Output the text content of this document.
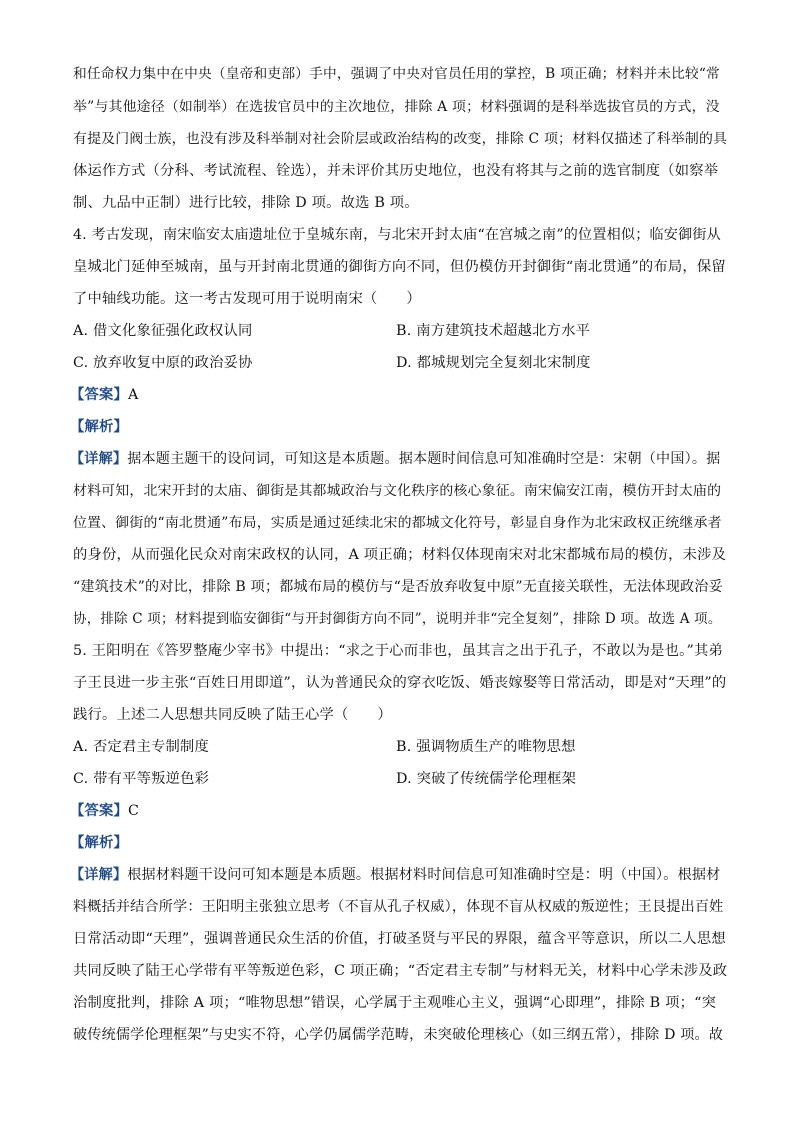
和任命权力集中在中央（皇帝和吏部）手中，强调了中央对官员任用的掌控，B 项正确；材料并未比较“常
举”与其他途径（如制举）在选拔官员中的主次地位，排除 A 项；材料强调的是科举选拔官员的方式，没
有提及门阀士族，也没有涉及科举制对社会阶层或政治结构的改变，排除 C 项；材料仅描述了科举制的具
体运作方式（分科、考试流程、铨选），并未评价其历史地位，也没有将其与之前的选官制度（如察举
制、九品中正制）进行比较，排除 D 项。故选 B 项。
4. 考古发现，南宋临安太庙遗址位于皇城东南，与北宋开封太庙“在宫城之南”的位置相似；临安御街从
皇城北门延伸至城南，虽与开封南北贯通的御街方向不同，但仍模仿开封御街“南北贯通”的布局，保留
了中轴线功能。这一考古发现可用于说明南宋（　　）
A. 借文化象征强化政权认同	B. 南方建筑技术超越北方水平
C. 放弃收复中原的政治妥协	D. 都城规划完全复刻北宋制度
【答案】A
【解析】
【详解】据本题主题干的设问词，可知这是本质题。据本题时间信息可知准确时空是：宋朝（中国）。据
材料可知，北宋开封的太庙、御街是其都城政治与文化秩序的核心象征。南宋偏安江南，模仿开封太庙的
位置、御街的“南北贯通”布局，实质是通过延续北宋的都城文化符号，彰显自身作为北宋政权正统继承者
的身份，从而强化民众对南宋政权的认同，A 项正确；材料仅体现南宋对北宋都城布局的模仿，未涉及
“建筑技术”的对比，排除 B 项；都城布局的模仿与“是否放弃收复中原”无直接关联性，无法体现政治妥
协，排除 C 项；材料提到临安御街“与开封御街方向不同”，说明并非“完全复刻”，排除 D 项。故选 A 项。
5. 王阳明在《答罗整庵少宰书》中提出：“求之于心而非也，虽其言之出于孔子，不敢以为是也。”其弟
子王艮进一步主张“百姓日用即道”，认为普通民众的穿衣吃饭、婚丧嫁娶等日常活动，即是对“天理”的
践行。上述二人思想共同反映了陆王心学（　　）
A. 否定君主专制制度	B. 强调物质生产的唯物思想
C. 带有平等叛逆色彩	D. 突破了传统儒学伦理框架
【答案】C
【解析】
【详解】根据材料题干设问可知本题是本质题。根据材料时间信息可知准确时空是：明（中国）。根据材
料概括并结合所学：王阳明主张独立思考（不盲从孔子权威），体现不盲从权威的叛逆性；王艮提出百姓
日常活动即“天理”，强调普通民众生活的价值，打破圣贤与平民的界限，蕴含平等意识，所以二人思想
共同反映了陆王心学带有平等叛逆色彩，C 项正确；“否定君主专制”与材料无关，材料中心学未涉及政
治制度批判，排除 A 项；“唯物思想”错误，心学属于主观唯心主义，强调“心即理”，排除 B 项；“突
破传统儒学伦理框架”与史实不符，心学仍属儒学范畴，未突破伦理核心（如三纲五常），排除 D 项。故
